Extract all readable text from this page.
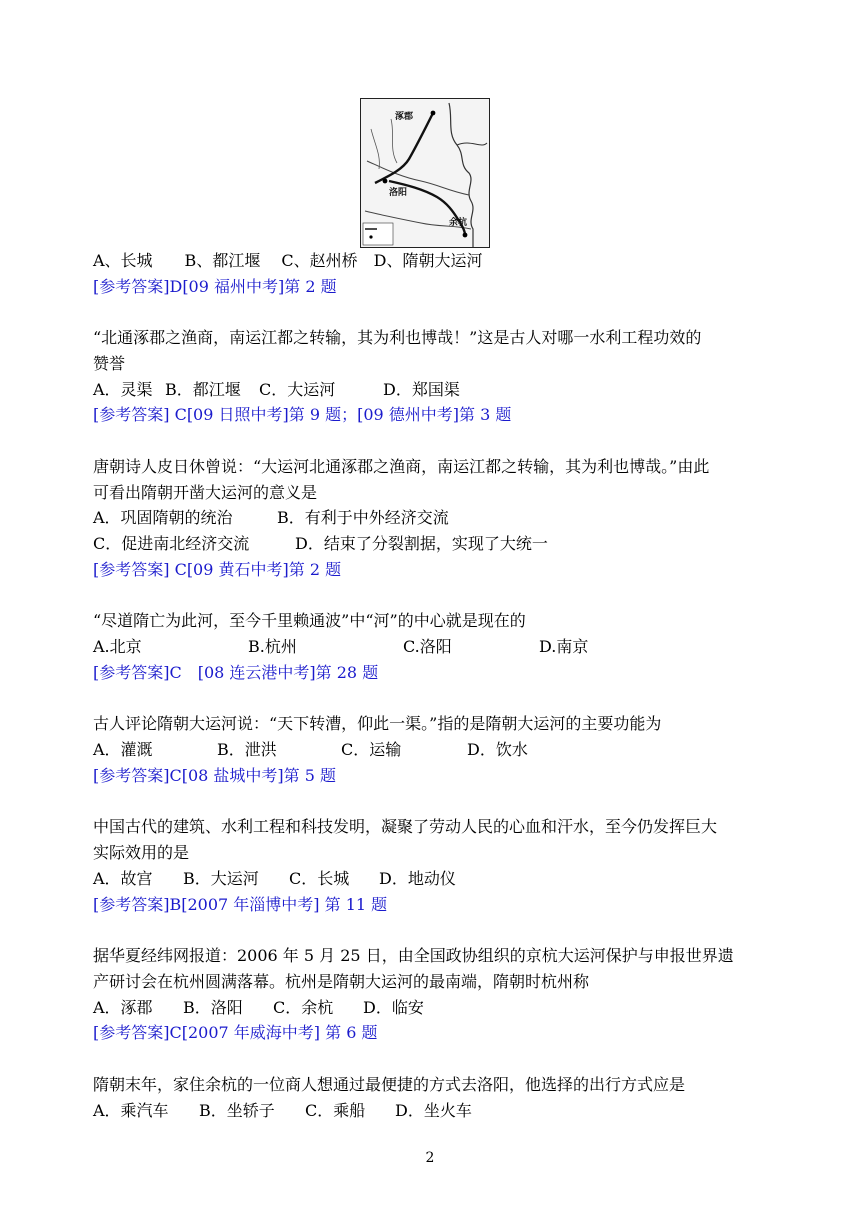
涿郡
洛阳
余杭
A、长城　　B、都江堰　 C、赵州桥　D、隋朝大运河
[参考答案]D[09 福州中考]第 2 题
“北通涿郡之渔商，南运江都之转输，其为利也博哉！”这是古人对哪一水利工程功效的
赞誉
A．灵渠 B．都江堰 C．大运河	D．郑国渠
[参考答案] C[09 日照中考]第 9 题；[09 德州中考]第 3 题
唐朝诗人皮日休曾说：“大运河北通涿郡之渔商，南运江都之转输，其为利也博哉。”由此
可看出隋朝开凿大运河的意义是
A．巩固隋朝的统治	B．有利于中外经济交流
C．促进南北经济交流	D．结束了分裂割据，实现了大统一
[参考答案] C[09 黄石中考]第 2 题
“尽道隋亡为此河，至今千里赖通波”中“河”的中心就是现在的
A.北京	B.杭州	C.洛阳	D.南京
[参考答案]C　[08 连云港中考]第 28 题
古人评论隋朝大运河说：“天下转漕，仰此一渠。”指的是隋朝大运河的主要功能为
A．灌溉	B．泄洪	C．运输	D．饮水
[参考答案]C[08 盐城中考]第 5 题
中国古代的建筑、水利工程和科技发明，凝聚了劳动人民的心血和汗水，至今仍发挥巨大
实际效用的是
A．故宫 B．大运河 C．长城 D．地动仪
[参考答案]B[2007 年淄博中考] 第 11 题
据华夏经纬网报道：2006 年 5 月 25 日，由全国政协组织的京杭大运河保护与申报世界遗
产研讨会在杭州圆满落幕。杭州是隋朝大运河的最南端，隋朝时杭州称
A．涿郡 B．洛阳 C．余杭 D．临安
[参考答案]C[2007 年威海中考] 第 6 题
隋朝末年，家住余杭的一位商人想通过最便捷的方式去洛阳，他选择的出行方式应是
A．乘汽车 B．坐轿子 C．乘船 D．坐火车
2
